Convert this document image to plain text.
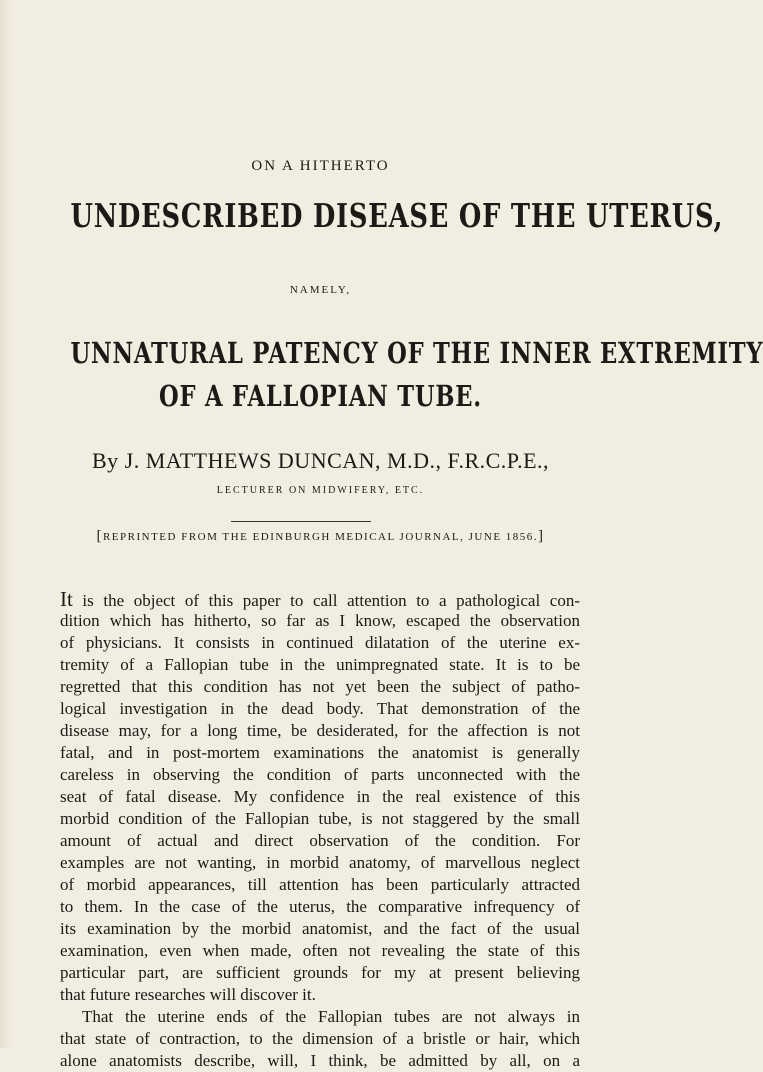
ON A HITHERTO
UNDESCRIBED DISEASE OF THE UTERUS,
NAMELY,
UNNATURAL PATENCY OF THE INNER EXTREMITY
OF A FALLOPIAN TUBE.
By J. MATTHEWS DUNCAN, M.D., F.R.C.P.E.,
LECTURER ON MIDWIFERY, ETC.
[REPRINTED FROM THE EDINBURGH MEDICAL JOURNAL, JUNE 1856.]
It is the object of this paper to call attention to a pathological con-
dition which has hitherto, so far as I know, escaped the observation
of physicians. It consists in continued dilatation of the uterine ex-
tremity of a Fallopian tube in the unimpregnated state. It is to be
regretted that this condition has not yet been the subject of patho-
logical investigation in the dead body. That demonstration of the
disease may, for a long time, be desiderated, for the affection is not
fatal, and in post-mortem examinations the anatomist is generally
careless in observing the condition of parts unconnected with the
seat of fatal disease. My confidence in the real existence of this
morbid condition of the Fallopian tube, is not staggered by the small
amount of actual and direct observation of the condition. For
examples are not wanting, in morbid anatomy, of marvellous neglect
of morbid appearances, till attention has been particularly attracted
to them. In the case of the uterus, the comparative infrequency of
its examination by the morbid anatomist, and the fact of the usual
examination, even when made, often not revealing the state of this
particular part, are sufficient grounds for my at present believing
that future researches will discover it.
That the uterine ends of the Fallopian tubes are not always in
that state of contraction, to the dimension of a bristle or hair, which
alone anatomists describe, will, I think, be admitted by all, on a
